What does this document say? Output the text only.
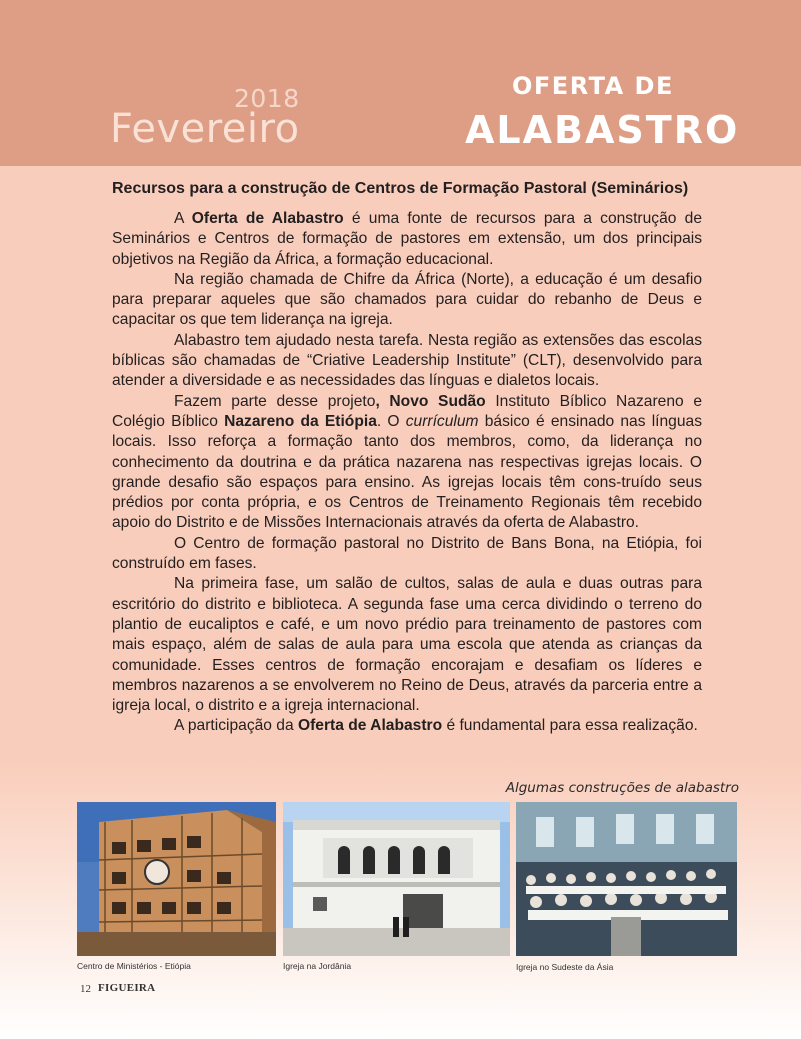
2018
Fevereiro
OFERTA DE
ALABASTRO
Recursos para a construção de Centros de Formação Pastoral (Seminários)

A Oferta de Alabastro é uma fonte de recursos para a construção de Seminários e Centros de formação de pastores em extensão, um dos principais objetivos na Região da África, a formação educacional.

Na região chamada de Chifre da África (Norte), a educação é um desafio para preparar aqueles que são chamados para cuidar do rebanho de Deus e capacitar os que tem liderança na igreja.

Alabastro tem ajudado nesta tarefa. Nesta região as extensões das escolas bíblicas são chamadas de “Criative Leadership Institute” (CLT), desenvolvido para atender a diversidade e as necessidades das línguas e dialetos locais.

Fazem parte desse projeto, Novo Sudão Instituto Bíblico Nazareno e Colégio Bíblico Nazareno da Etiópia. O currículum básico é ensinado nas línguas locais. Isso reforça a formação tanto dos membros, como, da liderança no conhecimento da doutrina e da prática nazarena nas respectivas igrejas locais. O grande desafio são espaços para ensino. As igrejas locais têm cons-truído seus prédios por conta própria, e os Centros de Treinamento Regionais têm recebido apoio do Distrito e de Missões Internacionais através da oferta de Alabastro.

O Centro de formação pastoral no Distrito de Bans Bona, na Etiópia, foi construído em fases.

Na primeira fase, um salão de cultos, salas de aula e duas outras para escritório do distrito e biblioteca. A segunda fase uma cerca dividindo o terreno do plantio de eucaliptos e café, e um novo prédio para treinamento de pastores com mais espaço, além de salas de aula para uma escola que atenda as crianças da comunidade. Esses centros de formação encorajam e desafiam os líderes e membros nazarenos a se envolverem no Reino de Deus, através da parceria entre a igreja local, o distrito e a igreja internacional.

A participação da Oferta de Alabastro é fundamental para essa realização.

Algumas construções de alabastro
Centro de Ministérios - Etiópia	Igreja na Jordânia	Igreja no Sudeste da Ásia
12 FIGUEIRA
